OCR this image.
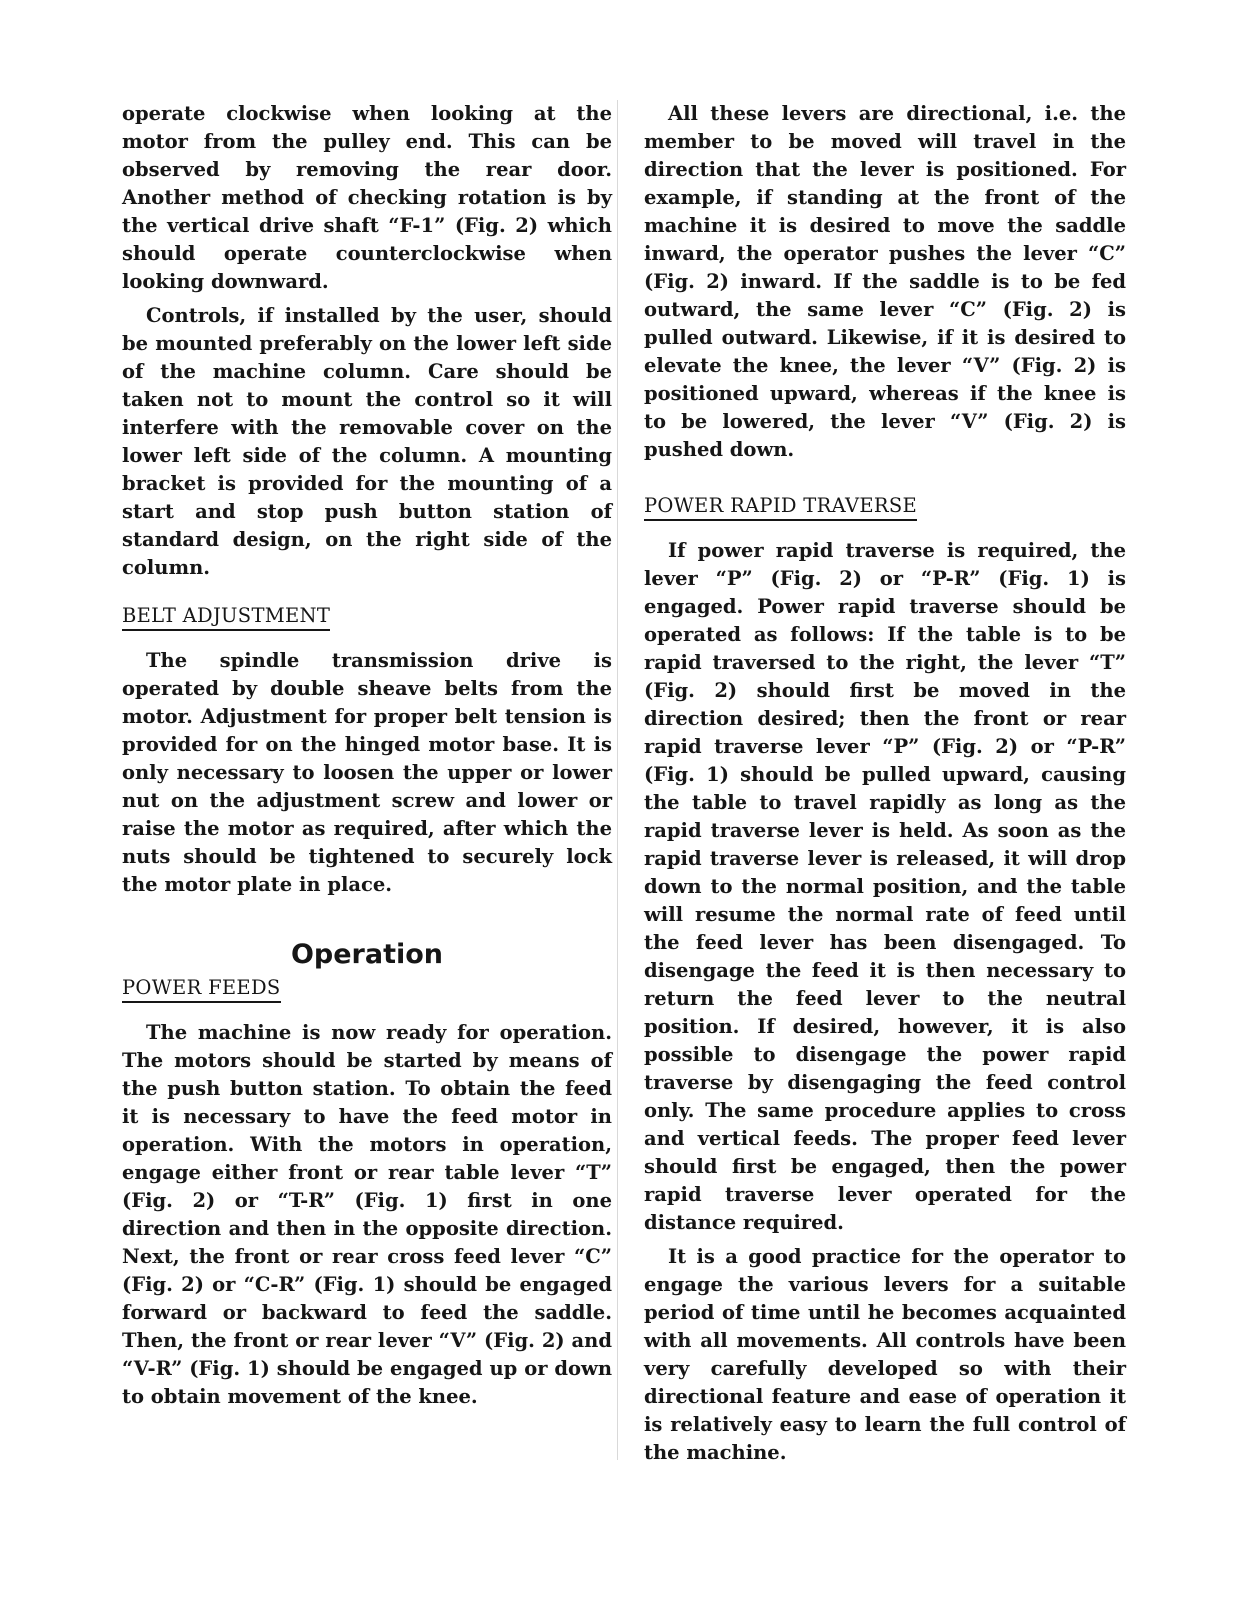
operate clockwise when looking at the motor from the pulley end. This can be observed by removing the rear door. Another method of checking rotation is by the vertical drive shaft “F-1” (Fig. 2) which should operate counterclockwise when looking downward.

Controls, if installed by the user, should be mounted preferably on the lower left side of the machine column. Care should be taken not to mount the control so it will interfere with the removable cover on the lower left side of the column. A mounting bracket is provided for the mounting of a start and stop push button station of standard design, on the right side of the column.

BELT ADJUSTMENT

The spindle transmission drive is operated by double sheave belts from the motor. Adjustment for proper belt tension is provided for on the hinged motor base. It is only necessary to loosen the upper or lower nut on the adjustment screw and lower or raise the motor as required, after which the nuts should be tightened to securely lock the motor plate in place.

Operation
POWER FEEDS

The machine is now ready for operation. The motors should be started by means of the push button station. To obtain the feed it is necessary to have the feed motor in operation. With the motors in operation, engage either front or rear table lever “T” (Fig. 2) or “T-R” (Fig. 1) first in one direction and then in the opposite direction. Next, the front or rear cross feed lever “C” (Fig. 2) or “C-R” (Fig. 1) should be engaged forward or backward to feed the saddle. Then, the front or rear lever “V” (Fig. 2) and “V-R” (Fig. 1) should be engaged up or down to obtain movement of the knee.

All these levers are directional, i.e. the member to be moved will travel in the direction that the lever is positioned. For example, if standing at the front of the machine it is desired to move the saddle inward, the operator pushes the lever “C” (Fig. 2) inward. If the saddle is to be fed outward, the same lever “C” (Fig. 2) is pulled outward. Likewise, if it is desired to elevate the knee, the lever “V” (Fig. 2) is positioned upward, whereas if the knee is to be lowered, the lever “V” (Fig. 2) is pushed down.

POWER RAPID TRAVERSE

If power rapid traverse is required, the lever “P” (Fig. 2) or “P-R” (Fig. 1) is engaged. Power rapid traverse should be operated as follows: If the table is to be rapid traversed to the right, the lever “T” (Fig. 2) should first be moved in the direction desired; then the front or rear rapid traverse lever “P” (Fig. 2) or “P-R” (Fig. 1) should be pulled upward, causing the table to travel rapidly as long as the rapid traverse lever is held. As soon as the rapid traverse lever is released, it will drop down to the normal position, and the table will resume the normal rate of feed until the feed lever has been disengaged. To disengage the feed it is then necessary to return the feed lever to the neutral position. If desired, however, it is also possible to disengage the power rapid traverse by disengaging the feed control only. The same procedure applies to cross and vertical feeds. The proper feed lever should first be engaged, then the power rapid traverse lever operated for the distance required.

It is a good practice for the operator to engage the various levers for a suitable period of time until he becomes acquainted with all movements. All controls have been very carefully developed so with their directional feature and ease of operation it is relatively easy to learn the full control of the machine.
